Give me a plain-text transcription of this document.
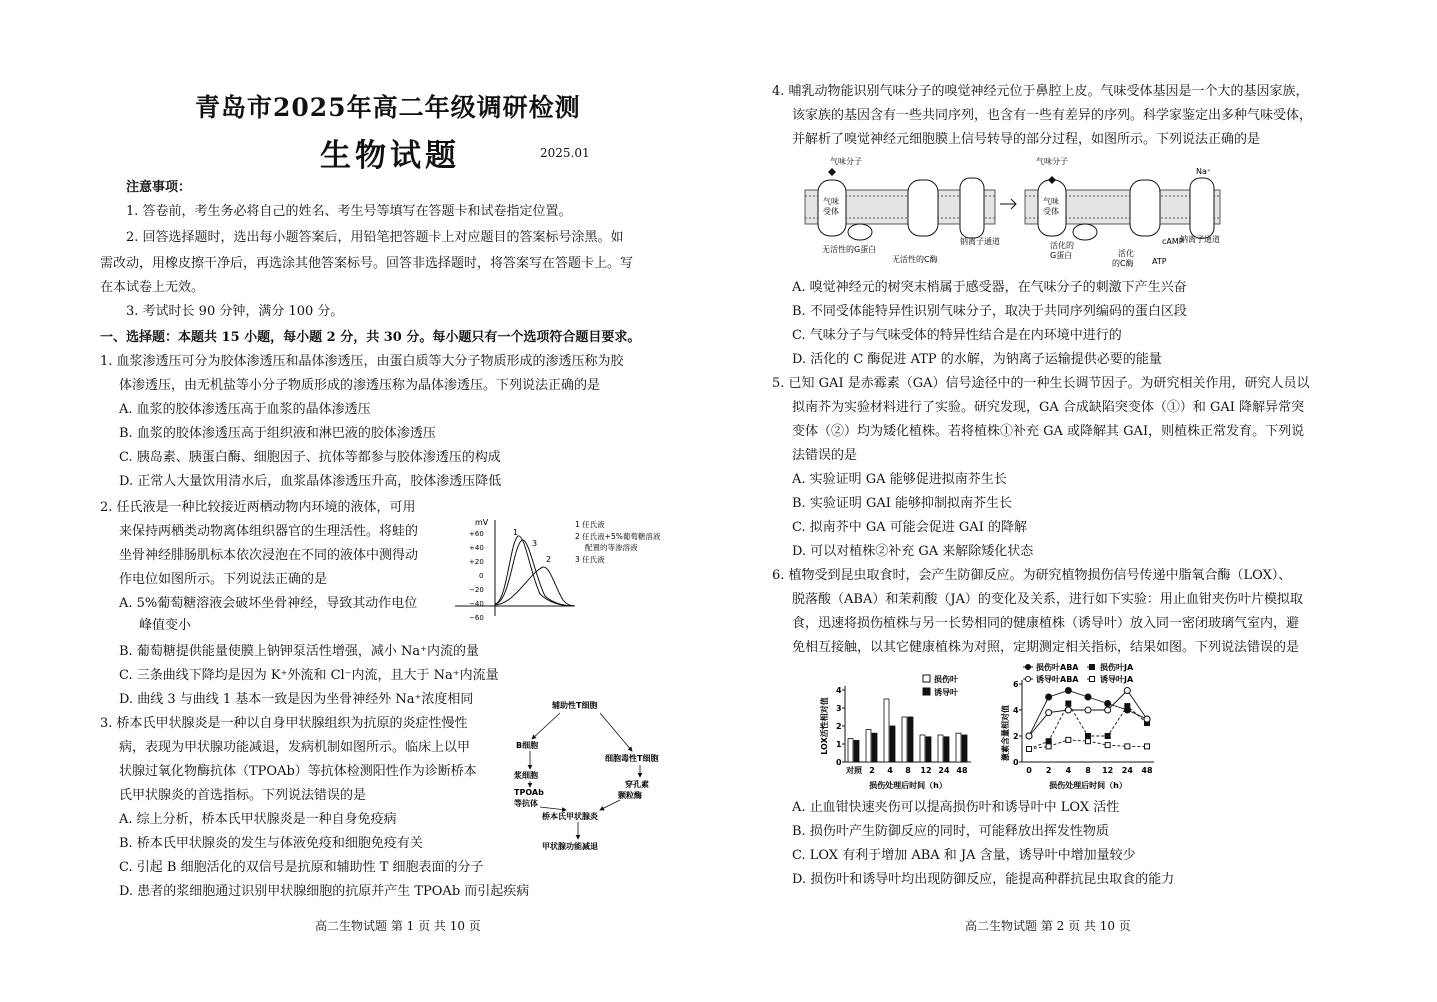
青岛市2025年高二年级调研检测
生物试题	2025.01
注意事项：
1. 答卷前，考生务必将自己的姓名、考生号等填写在答题卡和试卷指定位置。
2. 回答选择题时，选出每小题答案后，用铅笔把答题卡上对应题目的答案标号涂黑。如
需改动，用橡皮擦干净后，再选涂其他答案标号。回答非选择题时，将答案写在答题卡上。写
在本试卷上无效。
3. 考试时长 90 分钟，满分 100 分。
一、选择题：本题共 15 小题，每小题 2 分，共 30 分。每小题只有一个选项符合题目要求。
1. 血浆渗透压可分为胶体渗透压和晶体渗透压，由蛋白质等大分子物质形成的渗透压称为胶
体渗透压，由无机盐等小分子物质形成的渗透压称为晶体渗透压。下列说法正确的是
A. 血浆的胶体渗透压高于血浆的晶体渗透压
B. 血浆的胶体渗透压高于组织液和淋巴液的胶体渗透压
C. 胰岛素、胰蛋白酶、细胞因子、抗体等都参与胶体渗透压的构成
D. 正常人大量饮用清水后，血浆晶体渗透压升高，胶体渗透压降低
2. 任氏液是一种比较接近两栖动物内环境的液体，可用
来保持两栖类动物离体组织器官的生理活性。将蛙的
坐骨神经腓肠肌标本依次浸泡在不同的液体中测得动
作电位如图所示。下列说法正确的是
A. 5%葡萄糖溶液会破坏坐骨神经，导致其动作电位
峰值变小
B. 葡萄糖提供能量使膜上钠钾泵活性增强，减小 Na⁺内流的量
C. 三条曲线下降均是因为 K⁺外流和 Cl⁻内流，且大于 Na⁺内流量
D. 曲线 3 与曲线 1 基本一致是因为坐骨神经外 Na⁺浓度相同
mV
+60
+40
+20
0
−20
−40
−60
1
3
2
1 任氏液
2 任氏液+5%葡萄糖溶液
配置的等渗溶液
3 任氏液
3. 桥本氏甲状腺炎是一种以自身甲状腺组织为抗原的炎症性慢性
病，表现为甲状腺功能减退，发病机制如图所示。临床上以甲
状腺过氧化物酶抗体（TPOAb）等抗体检测阳性作为诊断桥本
氏甲状腺炎的首选指标。下列说法错误的是
A. 综上分析，桥本氏甲状腺炎是一种自身免疫病
B. 桥本氏甲状腺炎的发生与体液免疫和细胞免疫有关
C. 引起 B 细胞活化的双信号是抗原和辅助性 T 细胞表面的分子
D. 患者的浆细胞通过识别甲状腺细胞的抗原并产生 TPOAb 而引起疾病
辅助性T细胞
B细胞
浆细胞
TPOAb
等抗体
细胞毒性T细胞
穿孔素
颗粒酶
桥本氏甲状腺炎
甲状腺功能减退
高二生物试题 第 1 页 共 10 页
4. 哺乳动物能识别气味分子的嗅觉神经元位于鼻腔上皮。气味受体基因是一个大的基因家族，
该家族的基因含有一些共同序列，也含有一些有差异的序列。科学家鉴定出多种气味受体，
并解析了嗅觉神经元细胞膜上信号转导的部分过程，如图所示。下列说法正确的是
气味分子
气味
受体
无活性的G蛋白
无活性的C酶
钠离子通道
气味分子
气味
受体
Na⁺
活化的
G蛋白	活化
的C酶
cAMP
ATP
钠离子通道
A. 嗅觉神经元的树突末梢属于感受器，在气味分子的刺激下产生兴奋
B. 不同受体能特异性识别气味分子，取决于共同序列编码的蛋白区段
C. 气味分子与气味受体的特异性结合是在内环境中进行的
D. 活化的 C 酶促进 ATP 的水解，为钠离子运输提供必要的能量
5. 已知 GAI 是赤霉素（GA）信号途径中的一种生长调节因子。为研究相关作用，研究人员以
拟南芥为实验材料进行了实验。研究发现，GA 合成缺陷突变体（①）和 GAI 降解异常突
变体（②）均为矮化植株。若将植株①补充 GA 或降解其 GAI，则植株正常发育。下列说
法错误的是
A. 实验证明 GA 能够促进拟南芥生长
B. 实验证明 GAI 能够抑制拟南芥生长
C. 拟南芥中 GA 可能会促进 GAI 的降解
D. 可以对植株②补充 GA 来解除矮化状态
6. 植物受到昆虫取食时，会产生防御反应。为研究植物损伤信号传递中脂氧合酶（LOX）、
脱落酸（ABA）和茉莉酸（JA）的变化及关系，进行如下实验：用止血钳夹伤叶片模拟取
食，迅速将损伤植株与另一长势相同的健康植株（诱导叶）放入同一密闭玻璃气室内，避
免相互接触，以其它健康植株为对照，定期测定相关指标，结果如图。下列说法错误的是
0
1
2
3
4
LOX活性相对值
对照 2 4 8 12 24 48
损伤处理后时间（h）
损伤叶
诱导叶
0
2
4
6
激素含量相对值
0 2 4 8 12 24 48
损伤处理后时间（h）
损伤叶ABA	损伤叶JA
诱导叶ABA	诱导叶JA
A. 止血钳快速夹伤可以提高损伤叶和诱导叶中 LOX 活性
B. 损伤叶产生防御反应的同时，可能释放出挥发性物质
C. LOX 有利于增加 ABA 和 JA 含量，诱导叶中增加量较少
D. 损伤叶和诱导叶均出现防御反应，能提高种群抗昆虫取食的能力
高二生物试题 第 2 页 共 10 页
